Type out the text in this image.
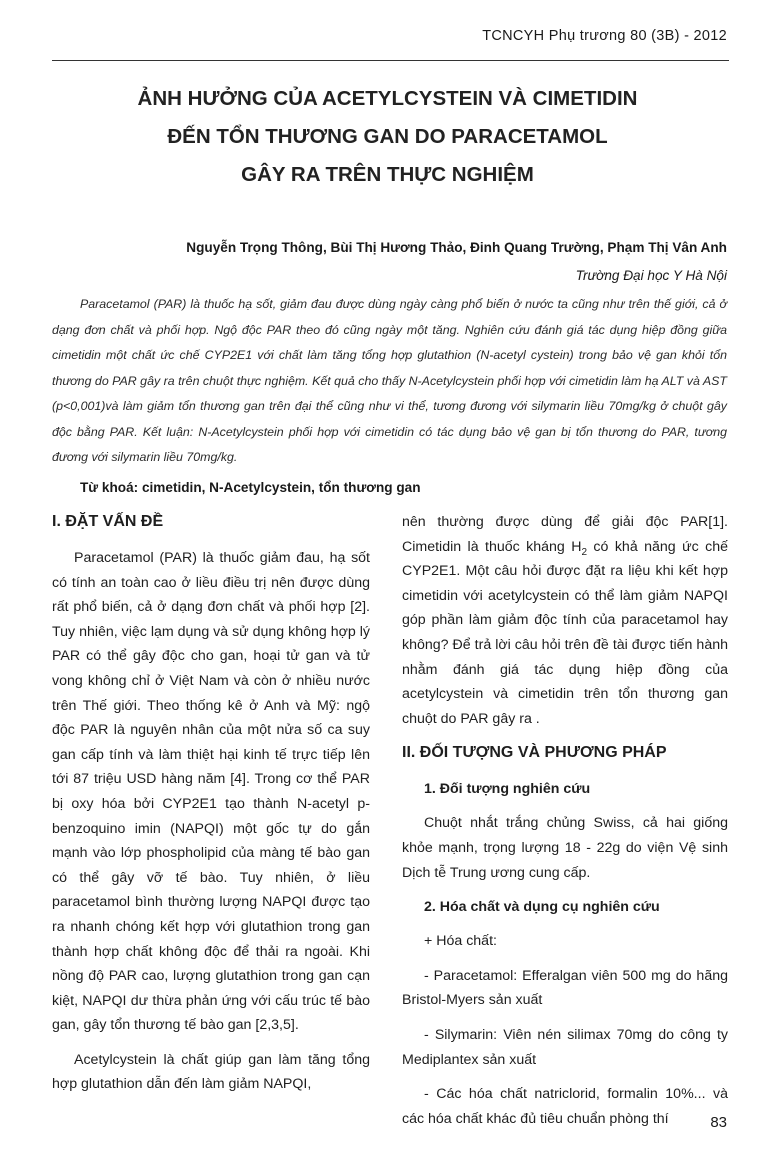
TCNCYH Phụ trương 80 (3B) - 2012
ẢNH HƯỞNG CỦA ACETYLCYSTEIN VÀ CIMETIDIN
ĐẾN TỔN THƯƠNG GAN DO PARACETAMOL
GÂY RA TRÊN THỰC NGHIỆM
Nguyễn Trọng Thông, Bùi Thị Hương Thảo, Đinh Quang Trường, Phạm Thị Vân Anh
Trường Đại học Y Hà Nội

Paracetamol (PAR) là thuốc hạ sốt, giảm đau được dùng ngày càng phổ biến ở nước ta cũng như trên thế giới, cả ở dạng đơn chất và phối hợp. Ngộ độc PAR theo đó cũng ngày một tăng. Nghiên cứu đánh giá tác dụng hiệp đồng giữa cimetidin một chất ức chế CYP2E1 với chất làm tăng tổng hợp glutathion (N-acetyl cystein) trong bảo vệ gan khỏi tổn thương do PAR gây ra trên chuột thực nghiệm. Kết quả cho thấy N-Acetylcystein phối hợp với cimetidin làm hạ ALT và AST (p<0,001)và làm giảm tổn thương gan trên đại thể cũng như vi thể, tương đương với silymarin liều 70mg/kg ở chuột gây độc bằng PAR. Kết luận: N-Acetylcystein phối hợp với cimetidin có tác dụng bảo vệ gan bị tổn thương do PAR, tương đương với silymarin liều 70mg/kg.

Từ khoá: cimetidin, N-Acetylcystein, tổn thương gan
I. ĐẶT VẤN ĐỀ

Paracetamol (PAR) là thuốc giảm đau, hạ sốt có tính an toàn cao ở liều điều trị nên được dùng rất phổ biến, cả ở dạng đơn chất và phối hợp [2]. Tuy nhiên, việc lạm dụng và sử dụng không hợp lý PAR có thể gây độc cho gan, hoại tử gan và tử vong không chỉ ở Việt Nam và còn ở nhiều nước trên Thế giới. Theo thống kê ở Anh và Mỹ: ngộ độc PAR là nguyên nhân của một nửa số ca suy gan cấp tính và làm thiệt hại kinh tế trực tiếp lên tới 87 triệu USD hàng năm [4]. Trong cơ thể PAR bị oxy hóa bởi CYP2E1 tạo thành N-acetyl p-benzoquino imin (NAPQI) một gốc tự do gắn mạnh vào lớp phospholipid của màng tế bào gan có thể gây vỡ tế bào. Tuy nhiên, ở liều paracetamol bình thường lượng NAPQI được tạo ra nhanh chóng kết hợp với glutathion trong gan thành hợp chất không độc để thải ra ngoài. Khi nồng độ PAR cao, lượng glutathion trong gan cạn kiệt, NAPQI dư thừa phản ứng với cấu trúc tế bào gan, gây tổn thương tế bào gan [2,3,5].

Acetylcystein là chất giúp gan làm tăng tổng hợp glutathion dẫn đến làm giảm NAPQI,

nên thường được dùng để giải độc PAR[1]. Cimetidin là thuốc kháng $H_2$ có khả năng ức chế CYP2E1. Một câu hỏi được đặt ra liệu khi kết hợp cimetidin với acetylcystein có thể làm giảm NAPQI góp phần làm giảm độc tính của paracetamol hay không? Để trả lời câu hỏi trên đề tài được tiến hành nhằm đánh giá tác dụng hiệp đồng của acetylcystein và cimetidin trên tổn thương gan chuột do PAR gây ra .

II. ĐỐI TƯỢNG VÀ PHƯƠNG PHÁP
1. Đối tượng nghiên cứu

Chuột nhắt trắng chủng Swiss, cả hai giống khỏe mạnh, trọng lượng 18 - 22g do viện Vệ sinh Dịch tễ Trung ương cung cấp.

2. Hóa chất và dụng cụ nghiên cứu

+ Hóa chất:

- Paracetamol: Efferalgan viên 500 mg do hãng Bristol-Myers sản xuất

- Silymarin: Viên nén silimax 70mg do công ty Mediplantex sản xuất

- Các hóa chất natriclorid, formalin 10%... và các hóa chất khác đủ tiêu chuẩn phòng thí	83
